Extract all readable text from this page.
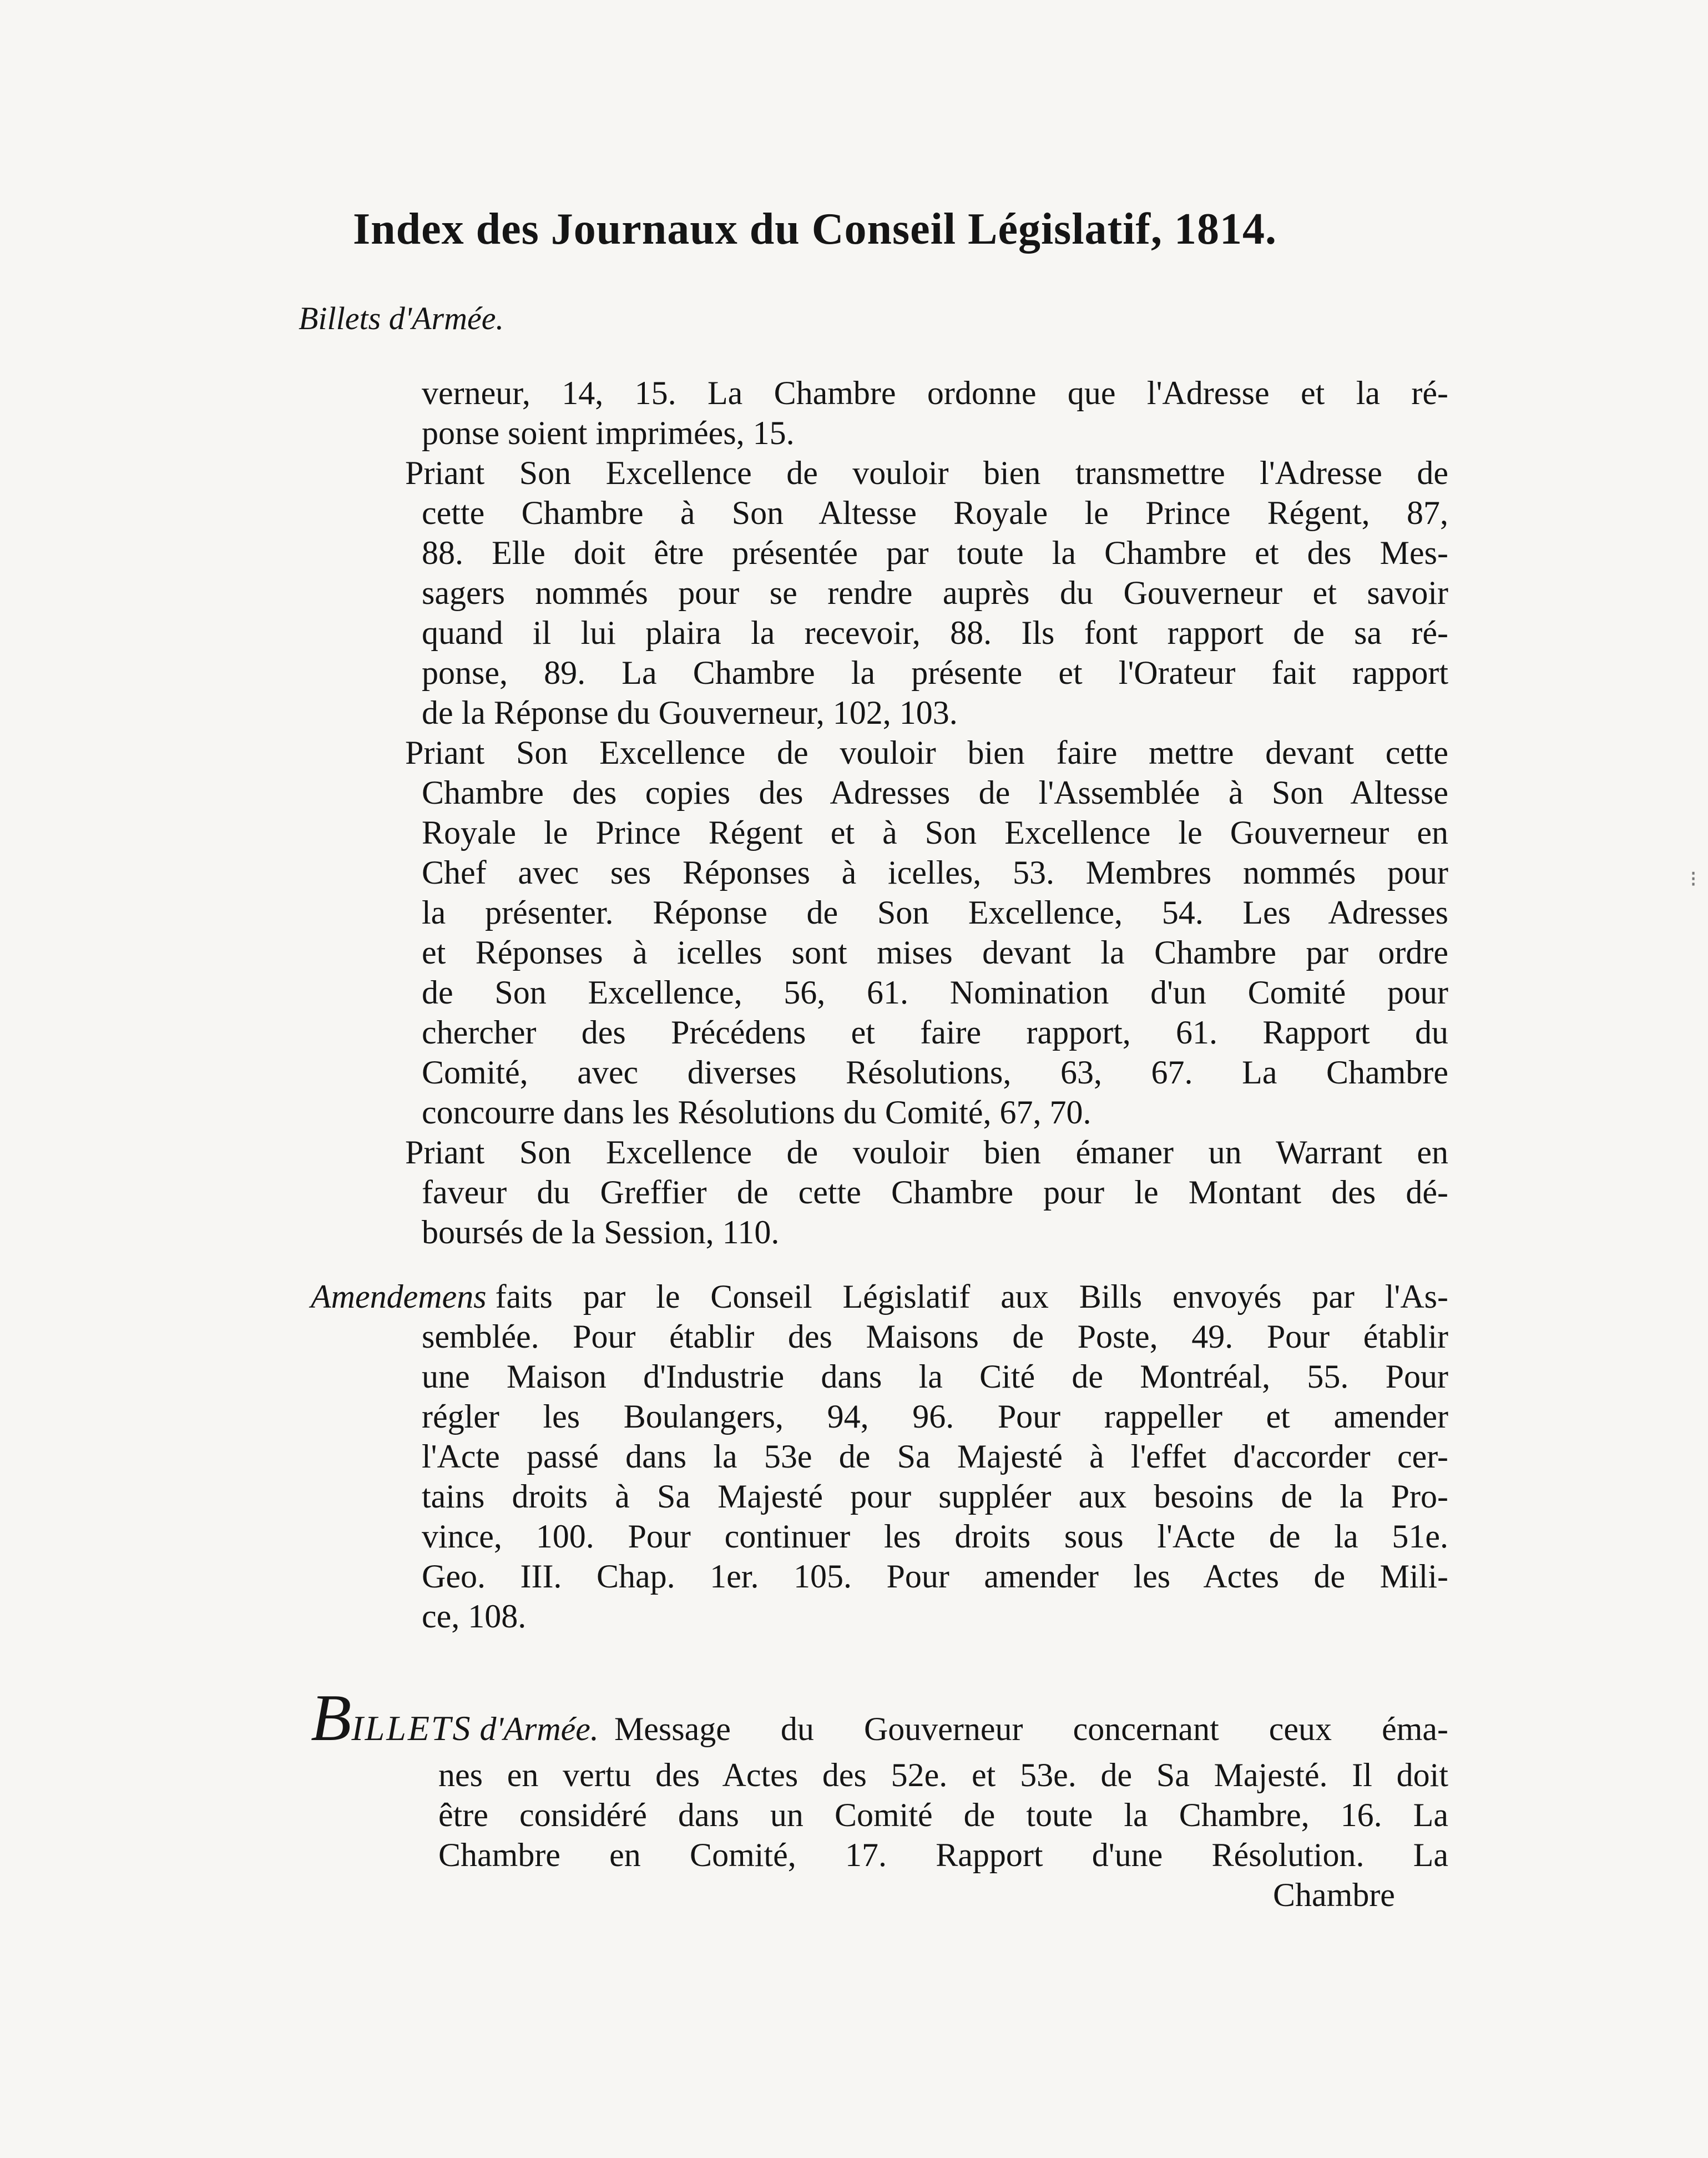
Index des Journaux du Conseil Législatif, 1814.
Billets d'Armée.
verneur, 14, 15. La Chambre ordonne que l'Adresse et la ré-
ponse soient imprimées, 15.
Priant Son Excellence de vouloir bien transmettre l'Adresse de
cette Chambre à Son Altesse Royale le Prince Régent, 87,
88. Elle doit être présentée par toute la Chambre et des Mes-
sagers nommés pour se rendre auprès du Gouverneur et savoir
quand il lui plaira la recevoir, 88. Ils font rapport de sa ré-
ponse, 89. La Chambre la présente et l'Orateur fait rapport
de la Réponse du Gouverneur, 102, 103.
Priant Son Excellence de vouloir bien faire mettre devant cette
Chambre des copies des Adresses de l'Assemblée à Son Altesse
Royale le Prince Régent et à Son Excellence le Gouverneur en
Chef avec ses Réponses à icelles, 53. Membres nommés pour
la présenter. Réponse de Son Excellence, 54. Les Adresses
et Réponses à icelles sont mises devant la Chambre par ordre
de Son Excellence, 56, 61. Nomination d'un Comité pour
chercher des Précédens et faire rapport, 61. Rapport du
Comité, avec diverses Résolutions, 63, 67. La Chambre
concourre dans les Résolutions du Comité, 67, 70.
Priant Son Excellence de vouloir bien émaner un Warrant en
faveur du Greffier de cette Chambre pour le Montant des dé-
boursés de la Session, 110.
Amendemens faits par le Conseil Législatif aux Bills envoyés par l'As-
semblée. Pour établir des Maisons de Poste, 49. Pour établir
une Maison d'Industrie dans la Cité de Montréal, 55. Pour
régler les Boulangers, 94, 96. Pour rappeller et amender
l'Acte passé dans la 53e de Sa Majesté à l'effet d'accorder cer-
tains droits à Sa Majesté pour suppléer aux besoins de la Pro-
vince, 100. Pour continuer les droits sous l'Acte de la 51e.
Geo. III. Chap. 1er. 105. Pour amender les Actes de Mili-
ce, 108.
B ILLETS d'Armée. Message du Gouverneur concernant ceux éma-
nes en vertu des Actes des 52e. et 53e. de Sa Majesté. Il doit
être considéré dans un Comité de toute la Chambre, 16. La
Chambre en Comité, 17. Rapport d'une Résolution. La
Chambre
⁝
